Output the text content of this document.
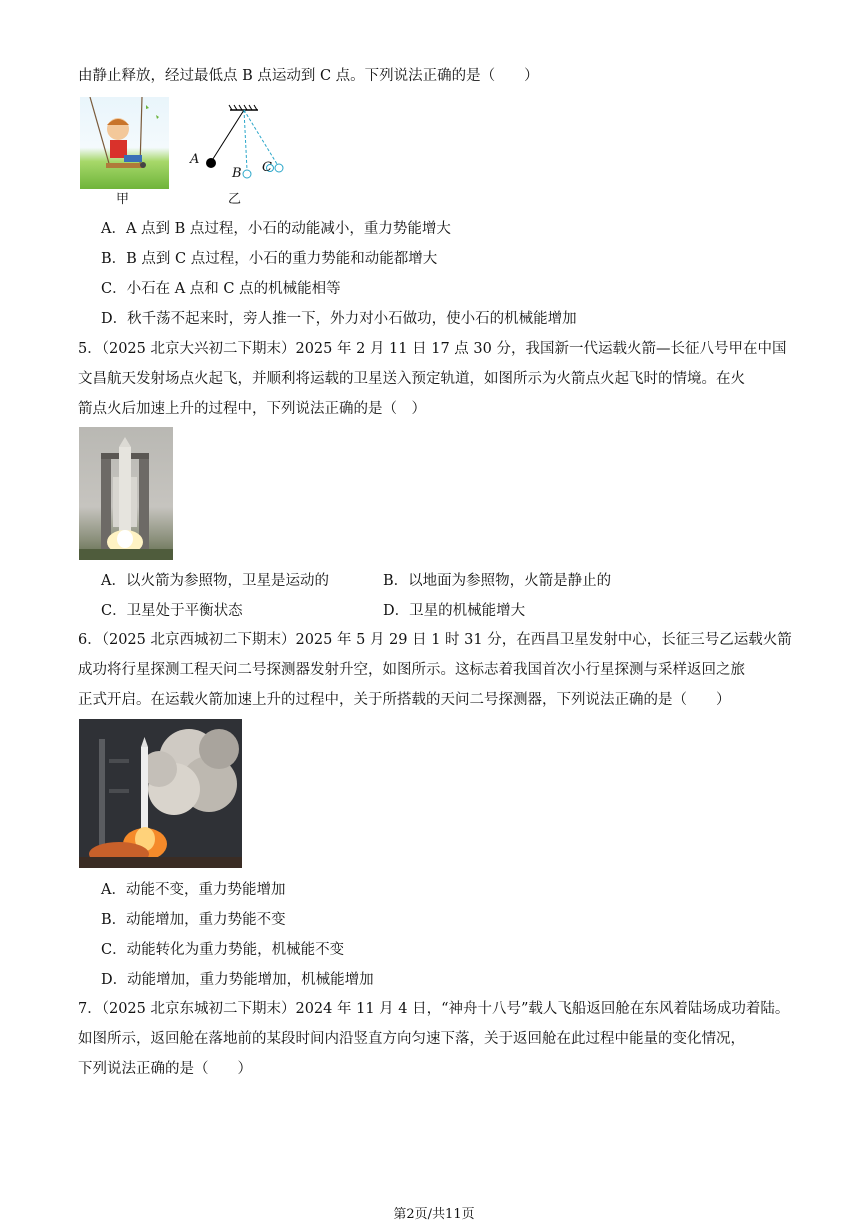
由静止释放，经过最低点 B 点运动到 C 点。下列说法正确的是（　　）
A
B C
甲	乙
A．A 点到 B 点过程，小石的动能减小，重力势能增大
B．B 点到 C 点过程，小石的重力势能和动能都增大
C．小石在 A 点和 C 点的机械能相等
D．秋千荡不起来时，旁人推一下，外力对小石做功，使小石的机械能增加
5．（2025 北京大兴初二下期末）2025 年 2 月 11 日 17 点 30 分，我国新一代运载火箭—长征八号甲在中国
文昌航天发射场点火起飞，并顺利将运载的卫星送入预定轨道，如图所示为火箭点火起飞时的情境。在火
箭点火后加速上升的过程中，下列说法正确的是（　）
A．以火箭为参照物，卫星是运动的	B．以地面为参照物，火箭是静止的
C．卫星处于平衡状态	D．卫星的机械能增大
6．（2025 北京西城初二下期末）2025 年 5 月 29 日 1 时 31 分，在西昌卫星发射中心，长征三号乙运载火箭
成功将行星探测工程天问二号探测器发射升空，如图所示。这标志着我国首次小行星探测与采样返回之旅
正式开启。在运载火箭加速上升的过程中，关于所搭载的天问二号探测器，下列说法正确的是（　　）
A．动能不变，重力势能增加
B．动能增加，重力势能不变
C．动能转化为重力势能，机械能不变
D．动能增加，重力势能增加，机械能增加
7．（2025 北京东城初二下期末）2024 年 11 月 4 日，“神舟十八号”载人飞船返回舱在东风着陆场成功着陆。
如图所示，返回舱在落地前的某段时间内沿竖直方向匀速下落，关于返回舱在此过程中能量的变化情况，
下列说法正确的是（　　）
第2页/共11页
